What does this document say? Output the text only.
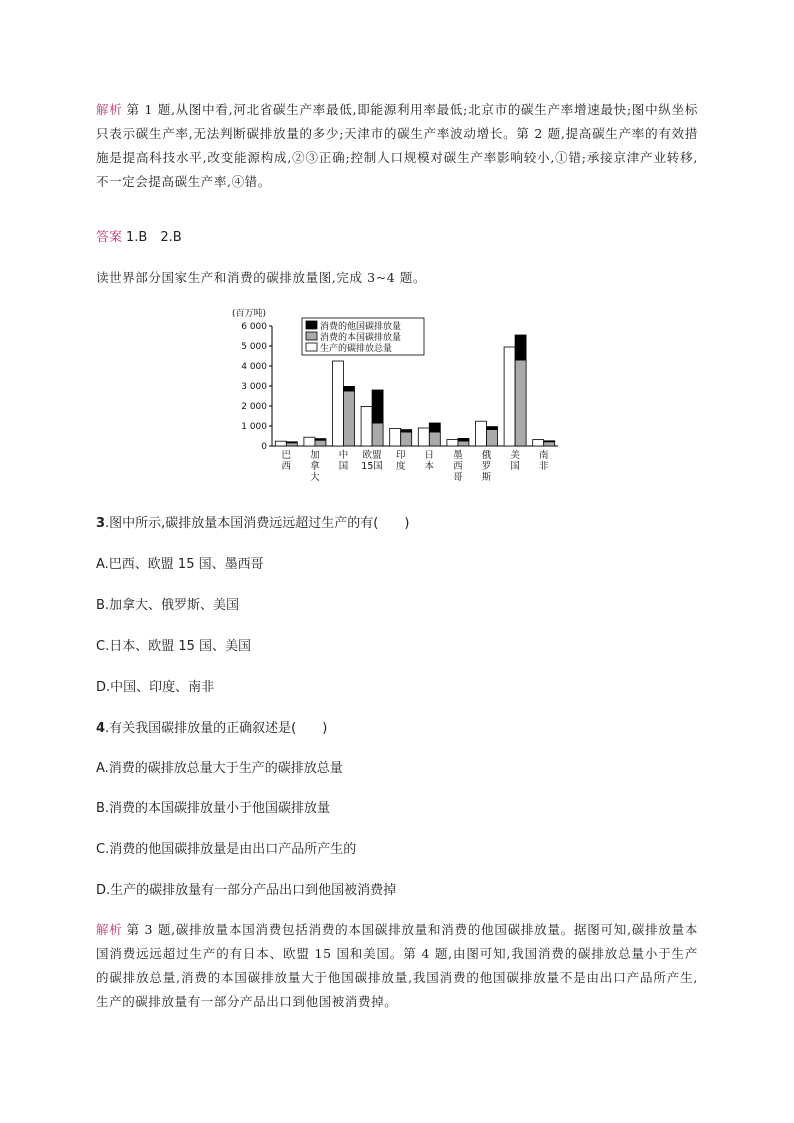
解析 第 1 题,从图中看,河北省碳生产率最低,即能源利用率最低;北京市的碳生产率增速最快;图中纵坐标只表示碳生产率,无法判断碳排放量的多少;天津市的碳生产率波动增长。第 2 题,提高碳生产率的有效措施是提高科技水平,改变能源构成,②③正确;控制人口规模对碳生产率影响较小,①错;承接京津产业转移,不一定会提高碳生产率,④错。
答案 1.B　2.B
读世界部分国家生产和消费的碳排放量图,完成 3~4 题。
(百万吨)
0
1 000
2 000
3 000
4 000
5 000
6 000
巴
西
加
拿
大
中
国
欧盟
15国
印
度
日
本
墨
西
哥
俄
罗
斯
美
国
南
非
消费的他国碳排放量
消费的本国碳排放量
生产的碳排放总量
3.图中所示,碳排放量本国消费远远超过生产的有(　　)
A.巴西、欧盟 15 国、墨西哥
B.加拿大、俄罗斯、美国
C.日本、欧盟 15 国、美国
D.中国、印度、南非
4.有关我国碳排放量的正确叙述是(　　)
A.消费的碳排放总量大于生产的碳排放总量
B.消费的本国碳排放量小于他国碳排放量
C.消费的他国碳排放量是由出口产品所产生的
D.生产的碳排放量有一部分产品出口到他国被消费掉
解析 第 3 题,碳排放量本国消费包括消费的本国碳排放量和消费的他国碳排放量。据图可知,碳排放量本国消费远远超过生产的有日本、欧盟 15 国和美国。第 4 题,由图可知,我国消费的碳排放总量小于生产的碳排放总量,消费的本国碳排放量大于他国碳排放量,我国消费的他国碳排放量不是由出口产品所产生,生产的碳排放量有一部分产品出口到他国被消费掉。
